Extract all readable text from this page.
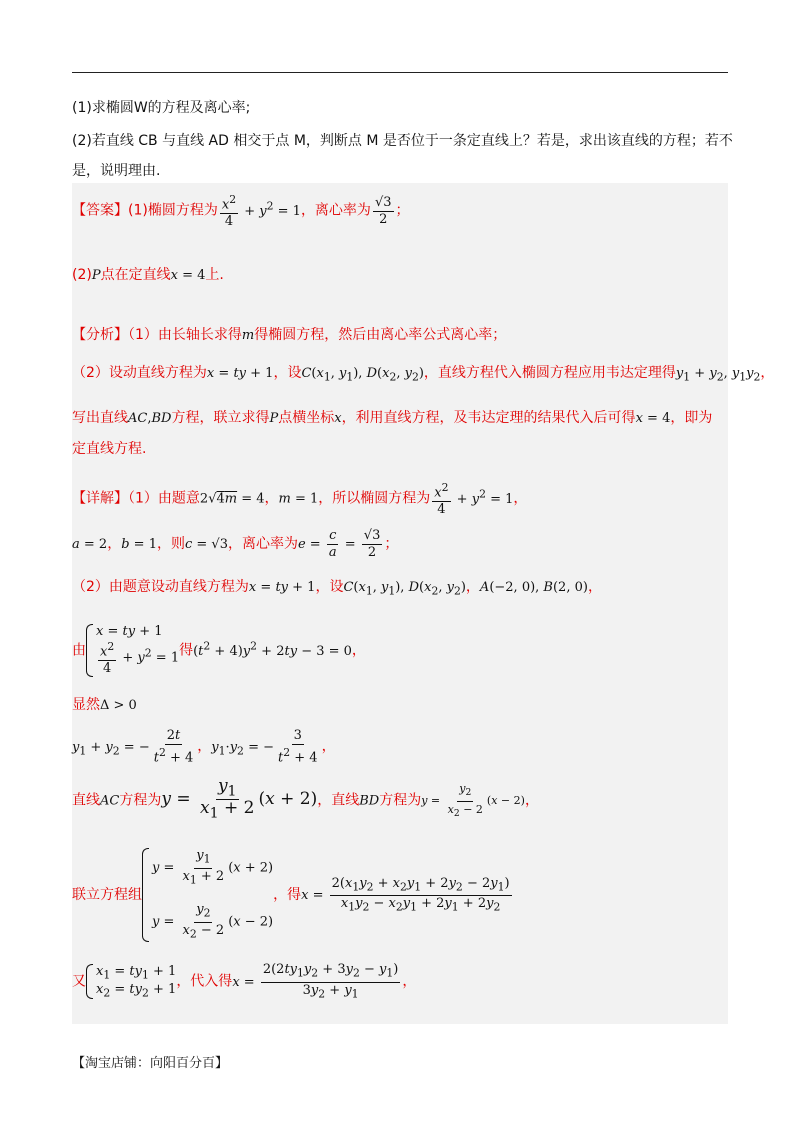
(1)求椭圆W的方程及离心率;
(2)若直线 CB 与直线 AD 相交于点 M，判断点 M 是否位于一条定直线上？若是，求出该直线的方程；若不
是，说明理由.
【答案】(1)椭圆方程为 $\frac{x^2}{4} + y^2 = 1$，离心率为 $\frac{√3}{2}$ ；
(2)P点在定直线x = 4上.
【分析】（1）由长轴长求得m得椭圆方程，然后由离心率公式离心率；
（2）设动直线方程为x = ty + 1，设$C(x_1$, $y_1$), $D(x_2$, $y_2$)，直线方程代入椭圆方程应用韦达定理得$y_1 + y_2$, $y_1y_2$，
写出直线AC,BD方程，联立求得P点横坐标x，利用直线方程，及韦达定理的结果代入后可得x = 4，即为
定直线方程.
【详解】（1）由题意2√4m = 4，m = 1，所以椭圆方程为 $\frac{x^2}{4} + y^2 = 1$，
a = 2，b = 1，则c = √3，离心率为$e = \frac{c}{a} = \frac{√3}{2}$ ；
（2）由题意设动直线方程为x = ty + 1，设$C(x_1$, $y_1$), $D(x_2$, $y_2$)，A(−2, 0), B(2, 0)，
由
x = ty + 1
$\frac{x^2}{4} + y^2 = 1$ 得$(t^2 + 4)y^2 + 2ty - 3 = 0$，
显然Δ > 0
$y_1 + y_2$ = − $\frac{2t}{t^2 + 4}$ ，$y_1\cdot y_2$ = − $\frac{3}{t^2 + 4}$ ，
直线AC方程为$y = \frac{y_1}{x_1 + 2} (x + 2)$，直线BD方程为$y = \frac{y_2}{x_2 - 2} (x - 2)$，
联立方程组
$y = \frac{y_1}{x_1 + 2} (x + 2)$
$y = \frac{y_2}{x_2 - 2} (x - 2)$
，得$x = \frac{2(x_1y_2 + x_2y_1 + 2y_2 - 2y_1)}{x_1y_2 - x_2y_1 + 2y_1 + 2y_2}$
又
$x_1 = ty_1 + 1$
$x_2 = ty_2 + 1$ ，代入得$x = \frac{2(2ty_1y_2 + 3y_2 - y_1)}{3y_2 + y_1}$ ，
【淘宝店铺：向阳百分百】
